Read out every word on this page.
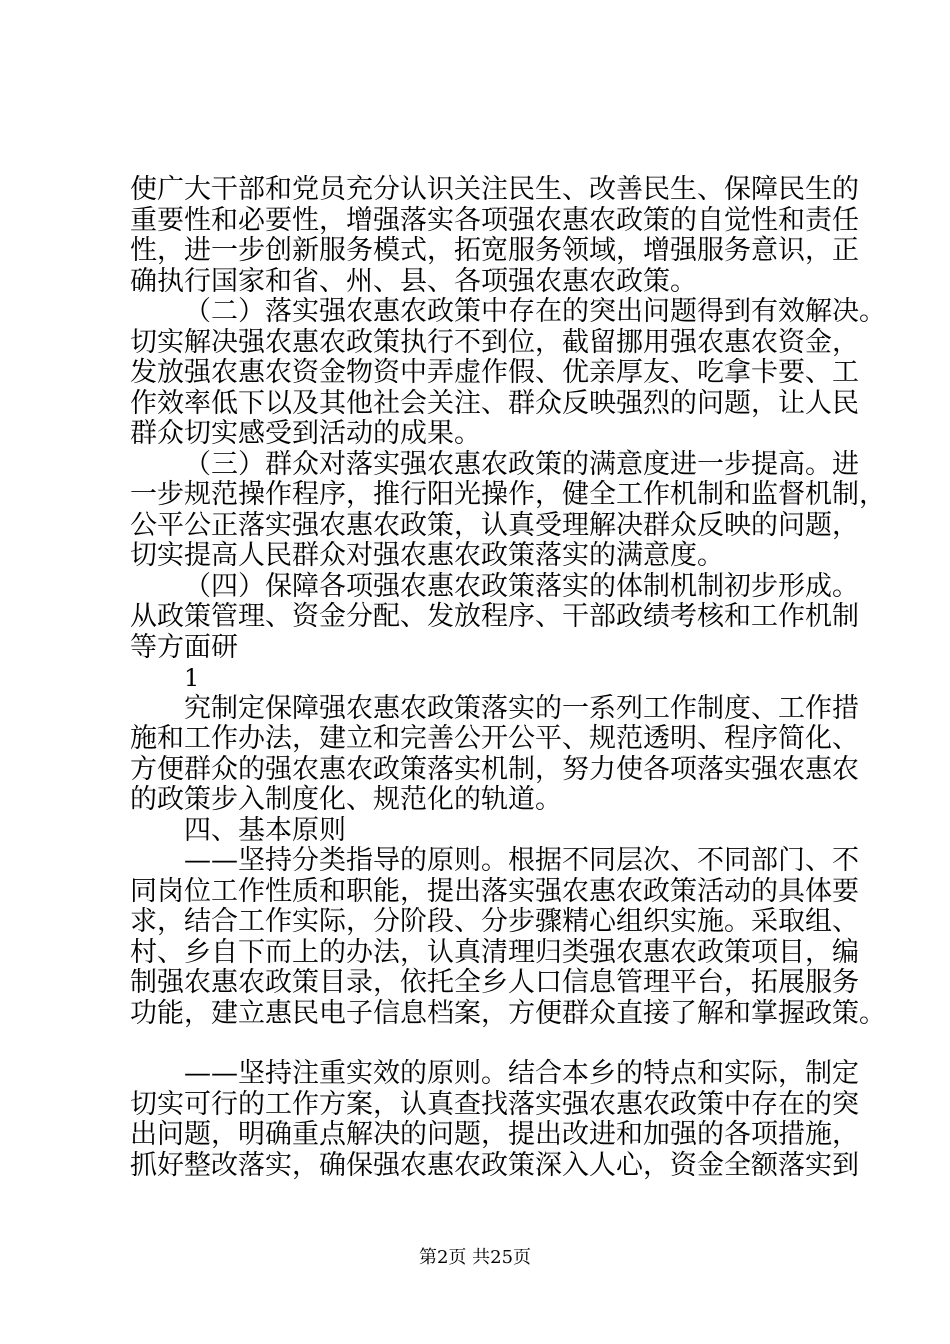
使广大干部和党员充分认识关注民生、改善民生、保障民生的
重要性和必要性，增强落实各项强农惠农政策的自觉性和责任
性，进一步创新服务模式，拓宽服务领域，增强服务意识，正
确执行国家和省、州、县、各项强农惠农政策。
（二）落实强农惠农政策中存在的突出问题得到有效解决。
切实解决强农惠农政策执行不到位，截留挪用强农惠农资金，
发放强农惠农资金物资中弄虚作假、优亲厚友、吃拿卡要、工
作效率低下以及其他社会关注、群众反映强烈的问题，让人民
群众切实感受到活动的成果。
（三）群众对落实强农惠农政策的满意度进一步提高。进
一步规范操作程序，推行阳光操作，健全工作机制和监督机制，
公平公正落实强农惠农政策，认真受理解决群众反映的问题，
切实提高人民群众对强农惠农政策落实的满意度。
（四）保障各项强农惠农政策落实的体制机制初步形成。
从政策管理、资金分配、发放程序、干部政绩考核和工作机制
等方面研
1
究制定保障强农惠农政策落实的一系列工作制度、工作措
施和工作办法，建立和完善公开公平、规范透明、程序简化、
方便群众的强农惠农政策落实机制，努力使各项落实强农惠农
的政策步入制度化、规范化的轨道。
四、基本原则
——坚持分类指导的原则。根据不同层次、不同部门、不
同岗位工作性质和职能，提出落实强农惠农政策活动的具体要
求，结合工作实际，分阶段、分步骤精心组织实施。采取组、
村、乡自下而上的办法，认真清理归类强农惠农政策项目，编
制强农惠农政策目录，依托全乡人口信息管理平台，拓展服务
功能，建立惠民电子信息档案，方便群众直接了解和掌握政策。
——坚持注重实效的原则。结合本乡的特点和实际，制定
切实可行的工作方案，认真查找落实强农惠农政策中存在的突
出问题，明确重点解决的问题，提出改进和加强的各项措施，
抓好整改落实，确保强农惠农政策深入人心，资金全额落实到
第2页 共25页
